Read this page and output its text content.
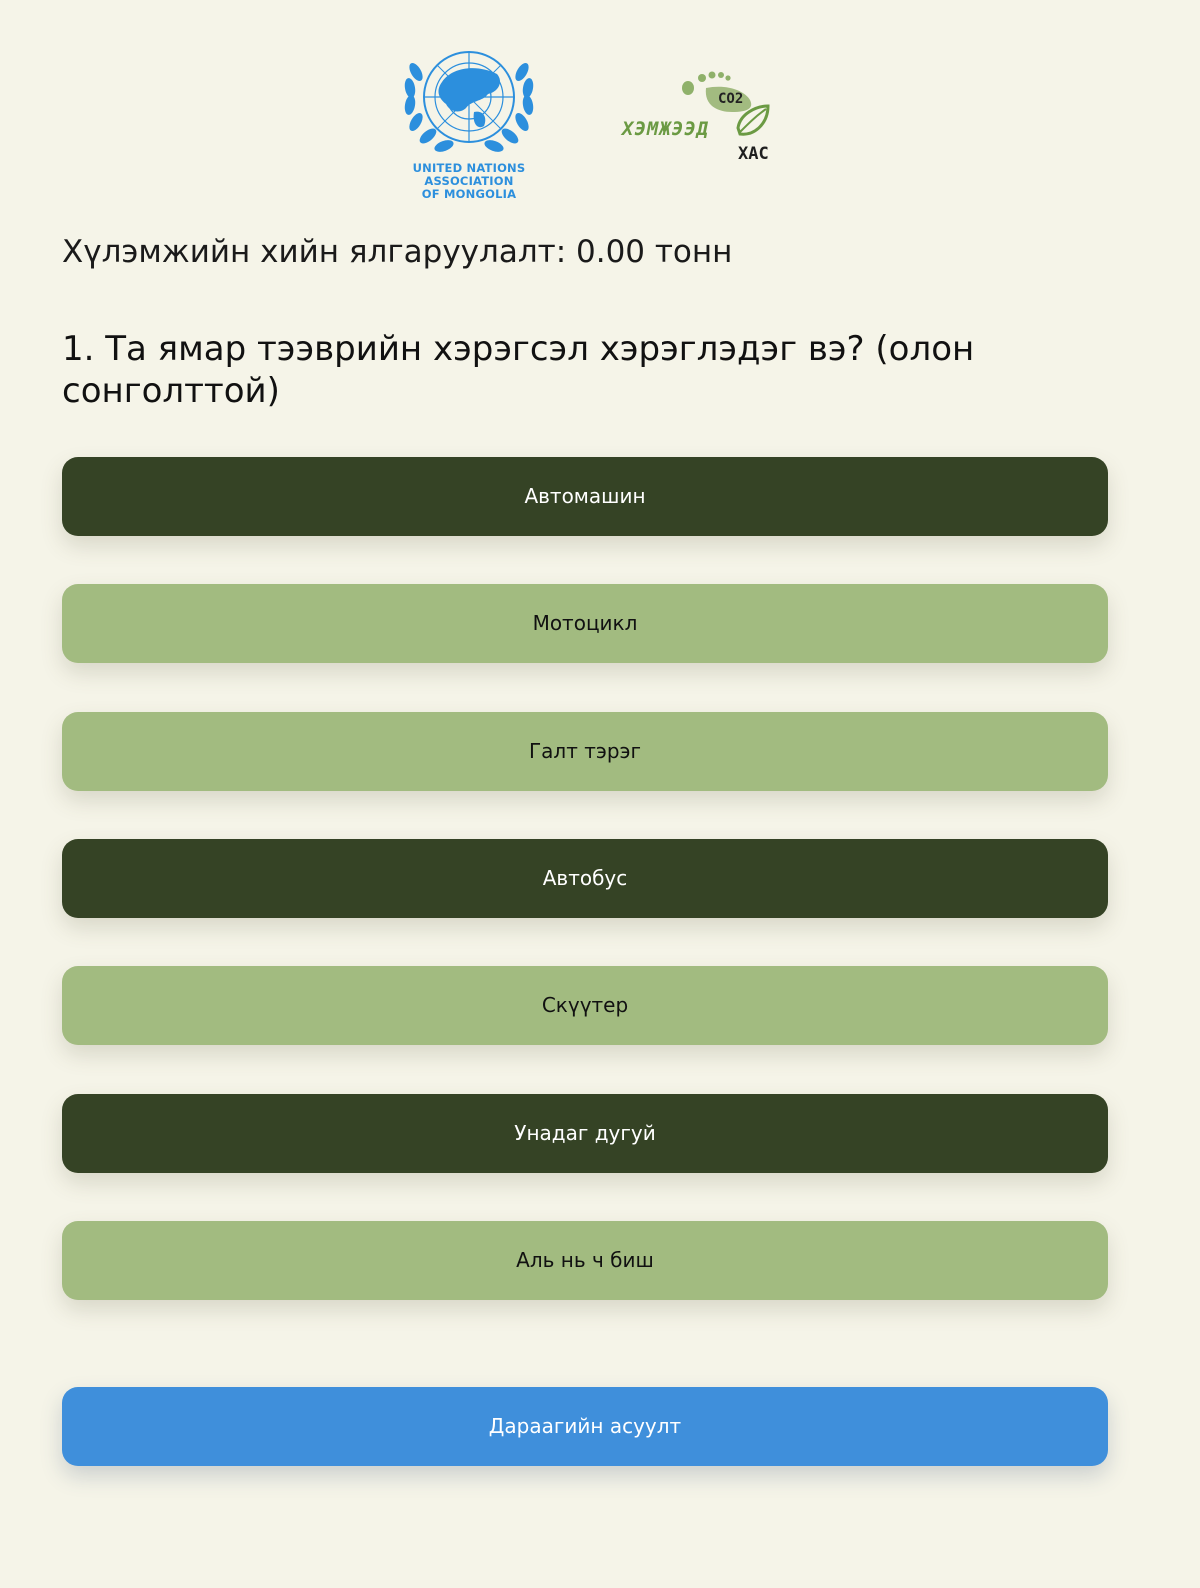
UNITED NATIONS ASSOCIATION
OF MONGOLIA
CO2
ХЭМЖЭЭД
ХАС
Хүлэмжийн хийн ялгаруулалт: 0.00 тонн
1. Та ямар тээврийн хэрэгсэл хэрэглэдэг вэ? (олон сонголттой)
Автомашин
Мотоцикл
Галт тэрэг
Автобус
Скүүтер
Унадаг дугуй
Аль нь ч биш
Дараагийн асуулт
